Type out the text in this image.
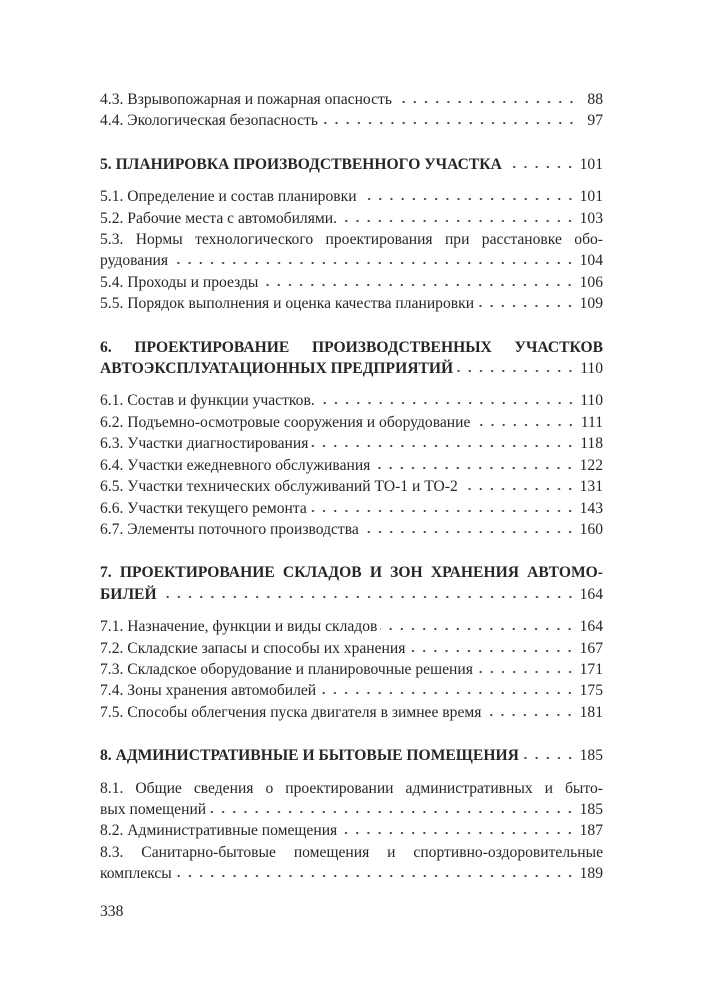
4.3. Взрывопожарная и пожарная опасность	88
4.4. Экологическая безопасность	97
5. ПЛАНИРОВКА ПРОИЗВОДСТВЕННОГО УЧАСТКА	101
5.1. Определение и состав планировки	101
5.2. Рабочие места с автомобилями.	103
5.3. Нормы технологического проектирования при расстановке обо-
рудования	104
5.4. Проходы и проезды	106
5.5. Порядок выполнения и оценка качества планировки	109
6. ПРОЕКТИРОВАНИЕ ПРОИЗВОДСТВЕННЫХ УЧАСТКОВ
АВТОЭКСПЛУАТАЦИОННЫХ ПРЕДПРИЯТИЙ	110
6.1. Состав и функции участков.	110
6.2. Подъемно-осмотровые сооружения и оборудование	111
6.3. Участки диагностирования	118
6.4. Участки ежедневного обслуживания	122
6.5. Участки технических обслуживаний ТО-1 и ТО-2	131
6.6. Участки текущего ремонта	143
6.7. Элементы поточного производства	160
7. ПРОЕКТИРОВАНИЕ СКЛАДОВ И ЗОН ХРАНЕНИЯ АВТОМО-
БИЛЕЙ	164
7.1. Назначение, функции и виды складов	164
7.2. Складские запасы и способы их хранения	167
7.3. Складское оборудование и планировочные решения	171
7.4. Зоны хранения автомобилей	175
7.5. Способы облегчения пуска двигателя в зимнее время	181
8. АДМИНИСТРАТИВНЫЕ И БЫТОВЫЕ ПОМЕЩЕНИЯ	185
8.1. Общие сведения о проектировании административных и быто-
вых помещений	185
8.2. Административные помещения	187
8.3. Санитарно-бытовые помещения и спортивно-оздоровительные
комплексы	189
338
